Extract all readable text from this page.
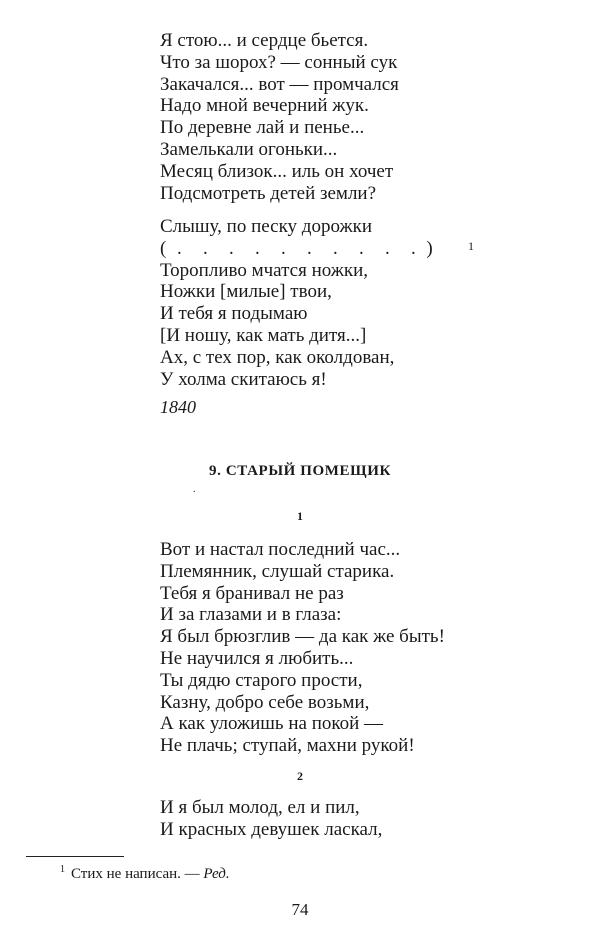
Я стою... и сердце бьется.
Что за шорох? — сонный сук
Закачался... вот — промчался
Надо мной вечерний жук.
По деревне лай и пенье...
Замелькали огоньки...
Месяц близок... иль он хочет
Подсмотреть детей земли?
Слышу, по песку дорожки
( . . . . . . . . . . )	1
Торопливо мчатся ножки,
Ножки [милые] твои,
И тебя я подымаю
[И ношу, как мать дитя...]
Ах, с тех пор, как околдован,
У холма скитаюсь я!

1840

9. СТАРЫЙ ПОМЕЩИК
.

1

Вот и настал последний час...
Племянник, слушай старика.
Тебя я бранивал не раз
И за глазами и в глаза:
Я был брюзглив — да как же быть!
Не научился я любить...
Ты дядю старого прости,
Казну, добро себе возьми,
А как уложишь на покой —
Не плачь; ступай, махни рукой!

2

И я был молод, ел и пил,
И красных девушек ласкал,

$^1$ Стих не написан. — Ред.

74
